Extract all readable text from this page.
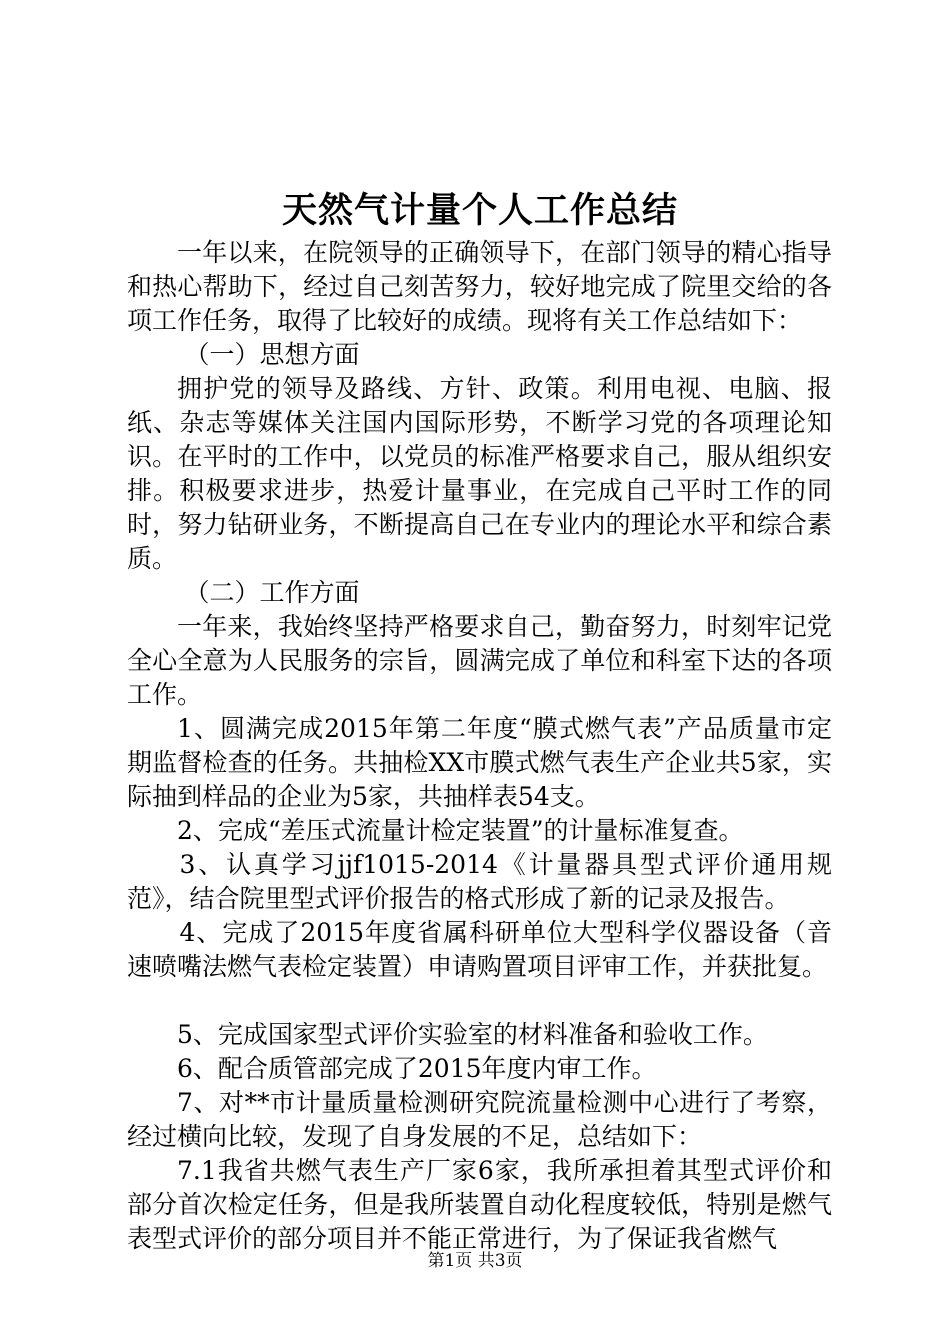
天然气计量个人工作总结

一年以来，在院领导的正确领导下，在部门领导的精心指导和热心帮助下，经过自己刻苦努力，较好地完成了院里交给的各项工作任务，取得了比较好的成绩。现将有关工作总结如下：

（一）思想方面

拥护党的领导及路线、方针、政策。利用电视、电脑、报纸、杂志等媒体关注国内国际形势，不断学习党的各项理论知识。在平时的工作中，以党员的标准严格要求自己，服从组织安排。积极要求进步，热爱计量事业，在完成自己平时工作的同时，努力钻研业务，不断提高自己在专业内的理论水平和综合素质。

（二）工作方面

一年来，我始终坚持严格要求自己，勤奋努力，时刻牢记党全心全意为人民服务的宗旨，圆满完成了单位和科室下达的各项工作。

1、圆满完成2015年第二年度“膜式燃气表”产品质量市定期监督检查的任务。共抽检XX市膜式燃气表生产企业共5家，实际抽到样品的企业为5家，共抽样表54支。

2、完成“差压式流量计检定装置”的计量标准复查。

3、认真学习jjf1015-2014《计量器具型式评价通用规范》，结合院里型式评价报告的格式形成了新的记录及报告。

4、完成了2015年度省属科研单位大型科学仪器设备（音速喷嘴法燃气表检定装置）申请购置项目评审工作，并获批复。

5、完成国家型式评价实验室的材料准备和验收工作。

6、配合质管部完成了2015年度内审工作。

7、对**市计量质量检测研究院流量检测中心进行了考察，经过横向比较，发现了自身发展的不足，总结如下：

7.1我省共燃气表生产厂家6家，我所承担着其型式评价和部分首次检定任务，但是我所装置自动化程度较低，特别是燃气表型式评价的部分项目并不能正常进行，为了保证我省燃气

第1页 共3页
